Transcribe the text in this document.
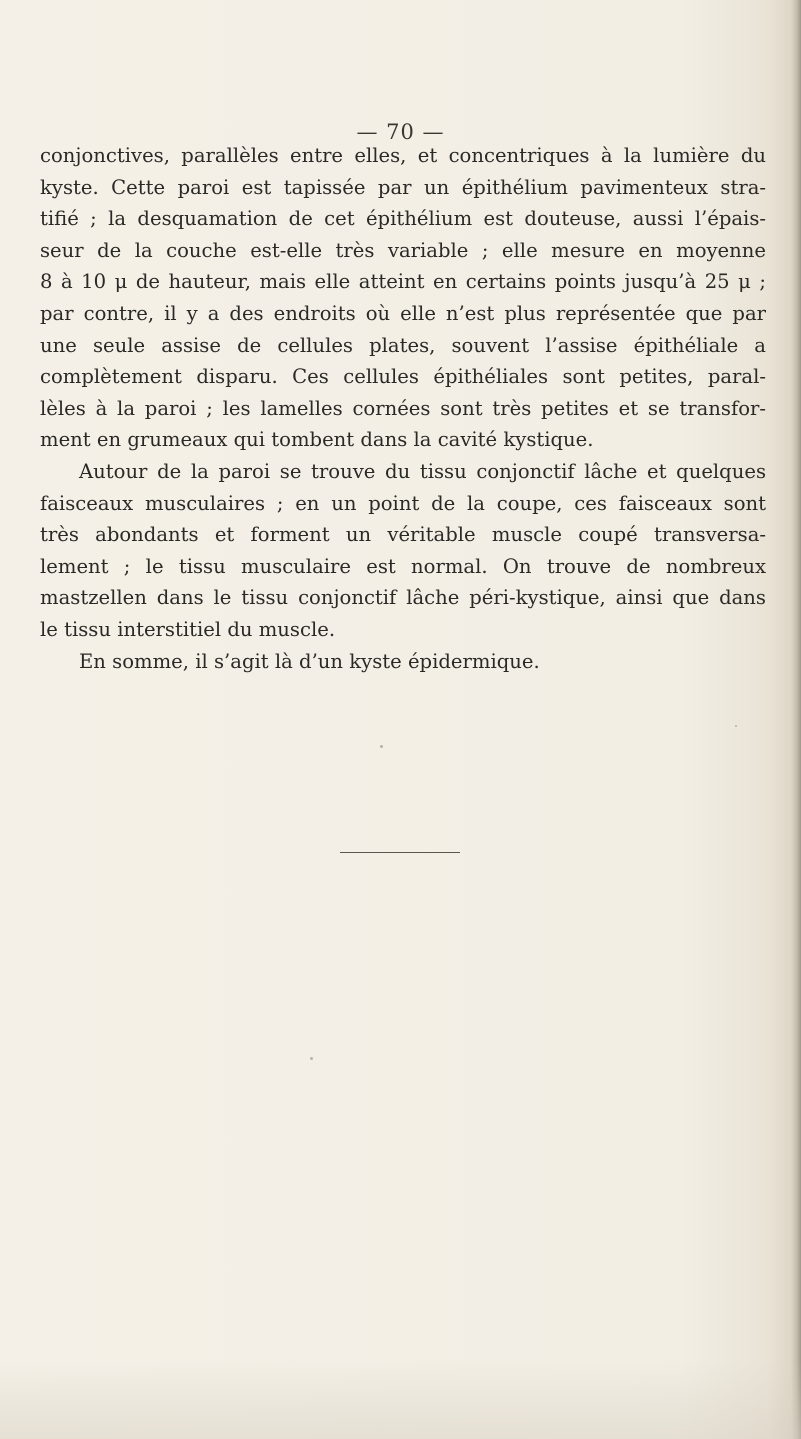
— 70 —
conjonctives, parallèles entre elles, et concentriques à la lumière du
kyste. Cette paroi est tapissée par un épithélium pavimenteux stra-
tifié ; la desquamation de cet épithélium est douteuse, aussi l’épais-
seur de la couche est-elle très variable ; elle mesure en moyenne
8 à 10 μ de hauteur, mais elle atteint en certains points jusqu’à 25 μ ;
par contre, il y a des endroits où elle n’est plus représentée que par
une seule assise de cellules plates, souvent l’assise épithéliale a
complètement disparu. Ces cellules épithéliales sont petites, paral-
lèles à la paroi ; les lamelles cornées sont très petites et se transfor-
ment en grumeaux qui tombent dans la cavité kystique.
Autour de la paroi se trouve du tissu conjonctif lâche et quelques
faisceaux musculaires ; en un point de la coupe, ces faisceaux sont
très abondants et forment un véritable muscle coupé transversa-
lement ; le tissu musculaire est normal. On trouve de nombreux
mastzellen dans le tissu conjonctif lâche péri-kystique, ainsi que dans
le tissu interstitiel du muscle.
En somme, il s’agit là d’un kyste épidermique.
